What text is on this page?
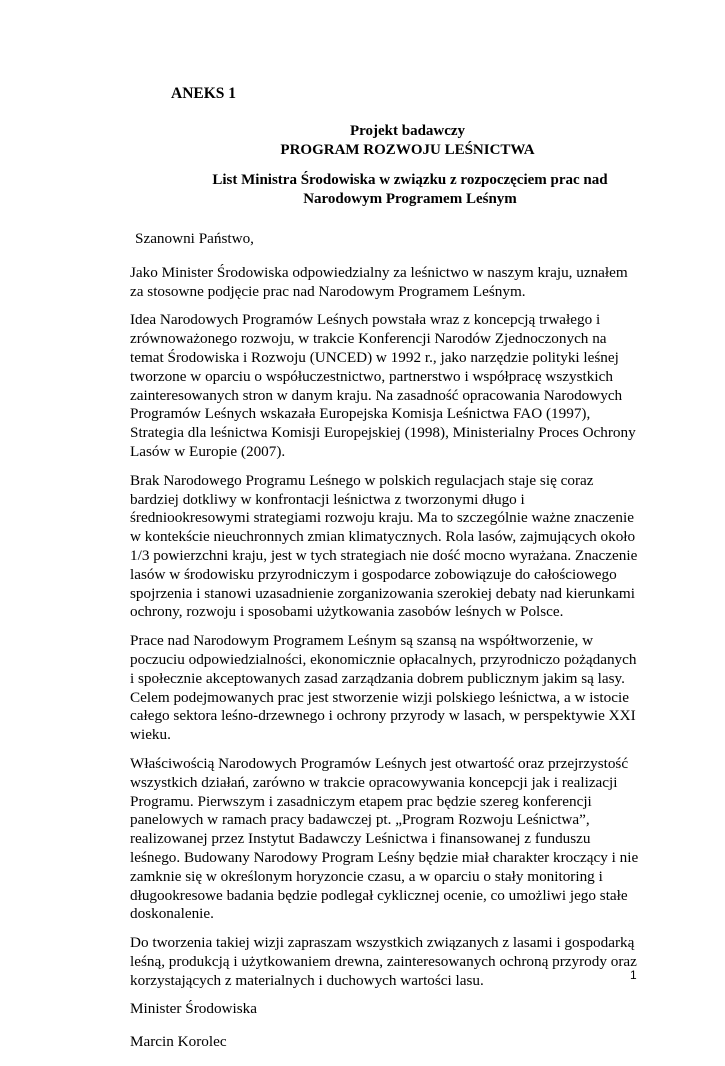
ANEKS 1
Projekt badawczy
PROGRAM ROZWOJU LEŚNICTWA
List Ministra Środowiska w związku z rozpoczęciem prac nad
Narodowym Programem Leśnym

Szanowni Państwo,

Jako Minister Środowiska odpowiedzialny za leśnictwo w naszym kraju, uznałem za stosowne podjęcie prac nad Narodowym Programem Leśnym.

Idea Narodowych Programów Leśnych powstała wraz z koncepcją trwałego i zrównoważonego rozwoju, w trakcie Konferencji Narodów Zjednoczonych na temat Środowiska i Rozwoju (UNCED) w 1992 r., jako narzędzie polityki leśnej tworzone w oparciu o współuczestnictwo, partnerstwo i współpracę wszystkich zainteresowanych stron w danym kraju. Na zasadność opracowania Narodowych Programów Leśnych wskazała Europejska Komisja Leśnictwa FAO (1997), Strategia dla leśnictwa Komisji Europejskiej (1998), Ministerialny Proces Ochrony Lasów w Europie (2007).

Brak Narodowego Programu Leśnego w polskich regulacjach staje się coraz bardziej dotkliwy w konfrontacji leśnictwa z tworzonymi długo i średniookresowymi strategiami rozwoju kraju. Ma to szczególnie ważne znaczenie w kontekście nieuchronnych zmian klimatycznych. Rola lasów, zajmujących około 1/3 powierzchni kraju, jest w tych strategiach nie dość mocno wyrażana. Znaczenie lasów w środowisku przyrodniczym i gospodarce zobowiązuje do całościowego spojrzenia i stanowi uzasadnienie zorganizowania szerokiej debaty nad kierunkami ochrony, rozwoju i sposobami użytkowania zasobów leśnych w Polsce.

Prace nad Narodowym Programem Leśnym są szansą na współtworzenie, w poczuciu odpowiedzialności, ekonomicznie opłacalnych, przyrodniczo pożądanych i społecznie akceptowanych zasad zarządzania dobrem publicznym jakim są lasy. Celem podejmowanych prac jest stworzenie wizji polskiego leśnictwa, a w istocie całego sektora leśno-drzewnego i ochrony przyrody w lasach, w perspektywie XXI wieku.

Właściwością Narodowych Programów Leśnych jest otwartość oraz przejrzystość wszystkich działań, zarówno w trakcie opracowywania koncepcji jak i realizacji Programu. Pierwszym i zasadniczym etapem prac będzie szereg konferencji panelowych w ramach pracy badawczej pt. „Program Rozwoju Leśnictwa”, realizowanej przez Instytut Badawczy Leśnictwa i finansowanej z funduszu leśnego. Budowany Narodowy Program Leśny będzie miał charakter kroczący i nie zamknie się w określonym horyzoncie czasu, a w oparciu o stały monitoring i długookresowe badania będzie podlegał cyklicznej ocenie, co umożliwi jego stałe doskonalenie.

Do tworzenia takiej wizji zapraszam wszystkich związanych z lasami i gospodarką leśną, produkcją i użytkowaniem drewna, zainteresowanych ochroną przyrody oraz korzystających z materialnych i duchowych wartości lasu.

Minister Środowiska

Marcin Korolec

1
